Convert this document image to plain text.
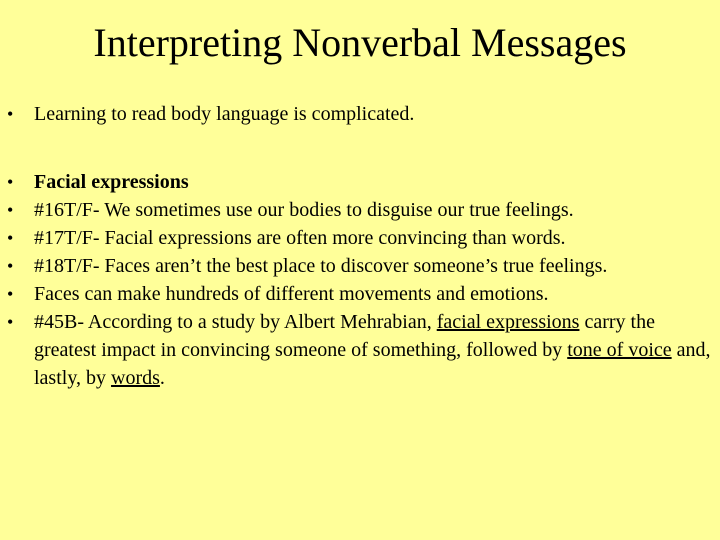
Interpreting Nonverbal Messages
• Learning to read body language is complicated.
• Facial expressions
• #16T/F- We sometimes use our bodies to disguise our true feelings.
• #17T/F- Facial expressions are often more convincing than words.
• #18T/F- Faces aren’t the best place to discover someone’s true feelings.
• Faces can make hundreds of different movements and emotions.
• #45B- According to a study by Albert Mehrabian, facial expressions carry the greatest impact in convincing someone of something, followed by tone of voice and, lastly, by words.
